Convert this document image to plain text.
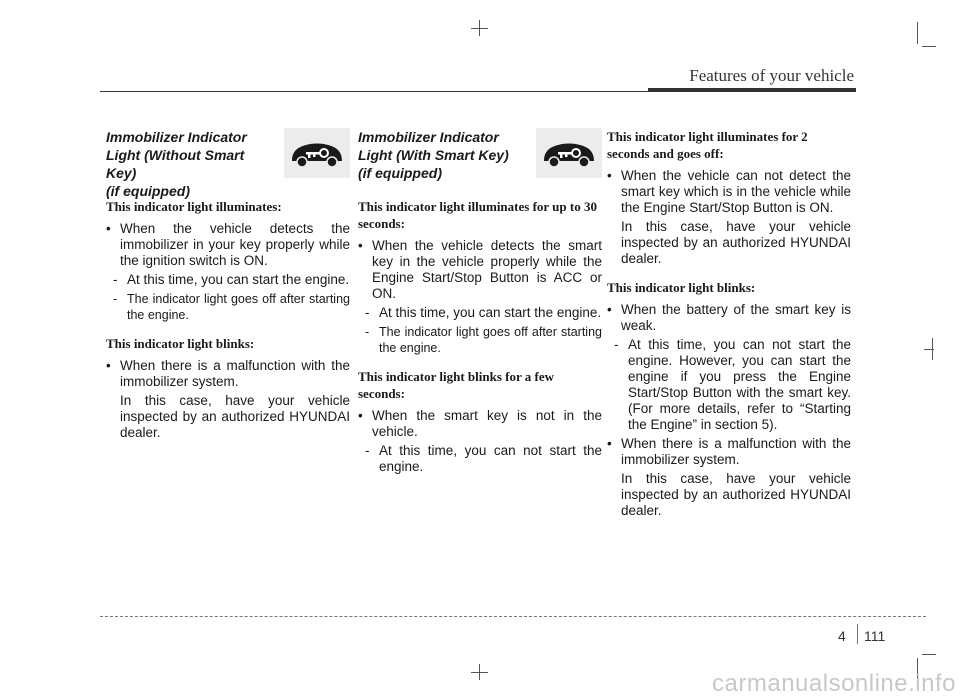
Features of your vehicle
Immobilizer Indicator
Light (Without Smart Key)
(if equipped)

This indicator light illuminates:

• When the vehicle detects the immobilizer in your key properly while the ignition switch is ON.

- At this time, you can start the engine.

- The indicator light goes off after starting the engine.

This indicator light blinks:

• When there is a malfunction with the immobilizer system.

In this case, have your vehicle inspected by an authorized HYUNDAI dealer.

Immobilizer Indicator
Light (With Smart Key)
(if equipped)

This indicator light illuminates for up to 30 seconds:

• When the vehicle detects the smart key in the vehicle properly while the Engine Start/Stop Button is ACC or ON.

- At this time, you can start the engine.

- The indicator light goes off after starting the engine.

This indicator light blinks for a few seconds:

• When the smart key is not in the vehicle.

- At this time, you can not start the engine.

This indicator light illuminates for 2 seconds and goes off:

• When the vehicle can not detect the smart key which is in the vehicle while the Engine Start/Stop Button is ON.

In this case, have your vehicle inspected by an authorized HYUNDAI dealer.

This indicator light blinks:

• When the battery of the smart key is weak.

- At this time, you can not start the engine. However, you can start the engine if you press the Engine Start/Stop Button with the smart key. (For more details, refer to “Starting the Engine” in section 5).

• When there is a malfunction with the immobilizer system.

In this case, have your vehicle inspected by an authorized HYUNDAI dealer.

4 111
carmanualsonline.info
